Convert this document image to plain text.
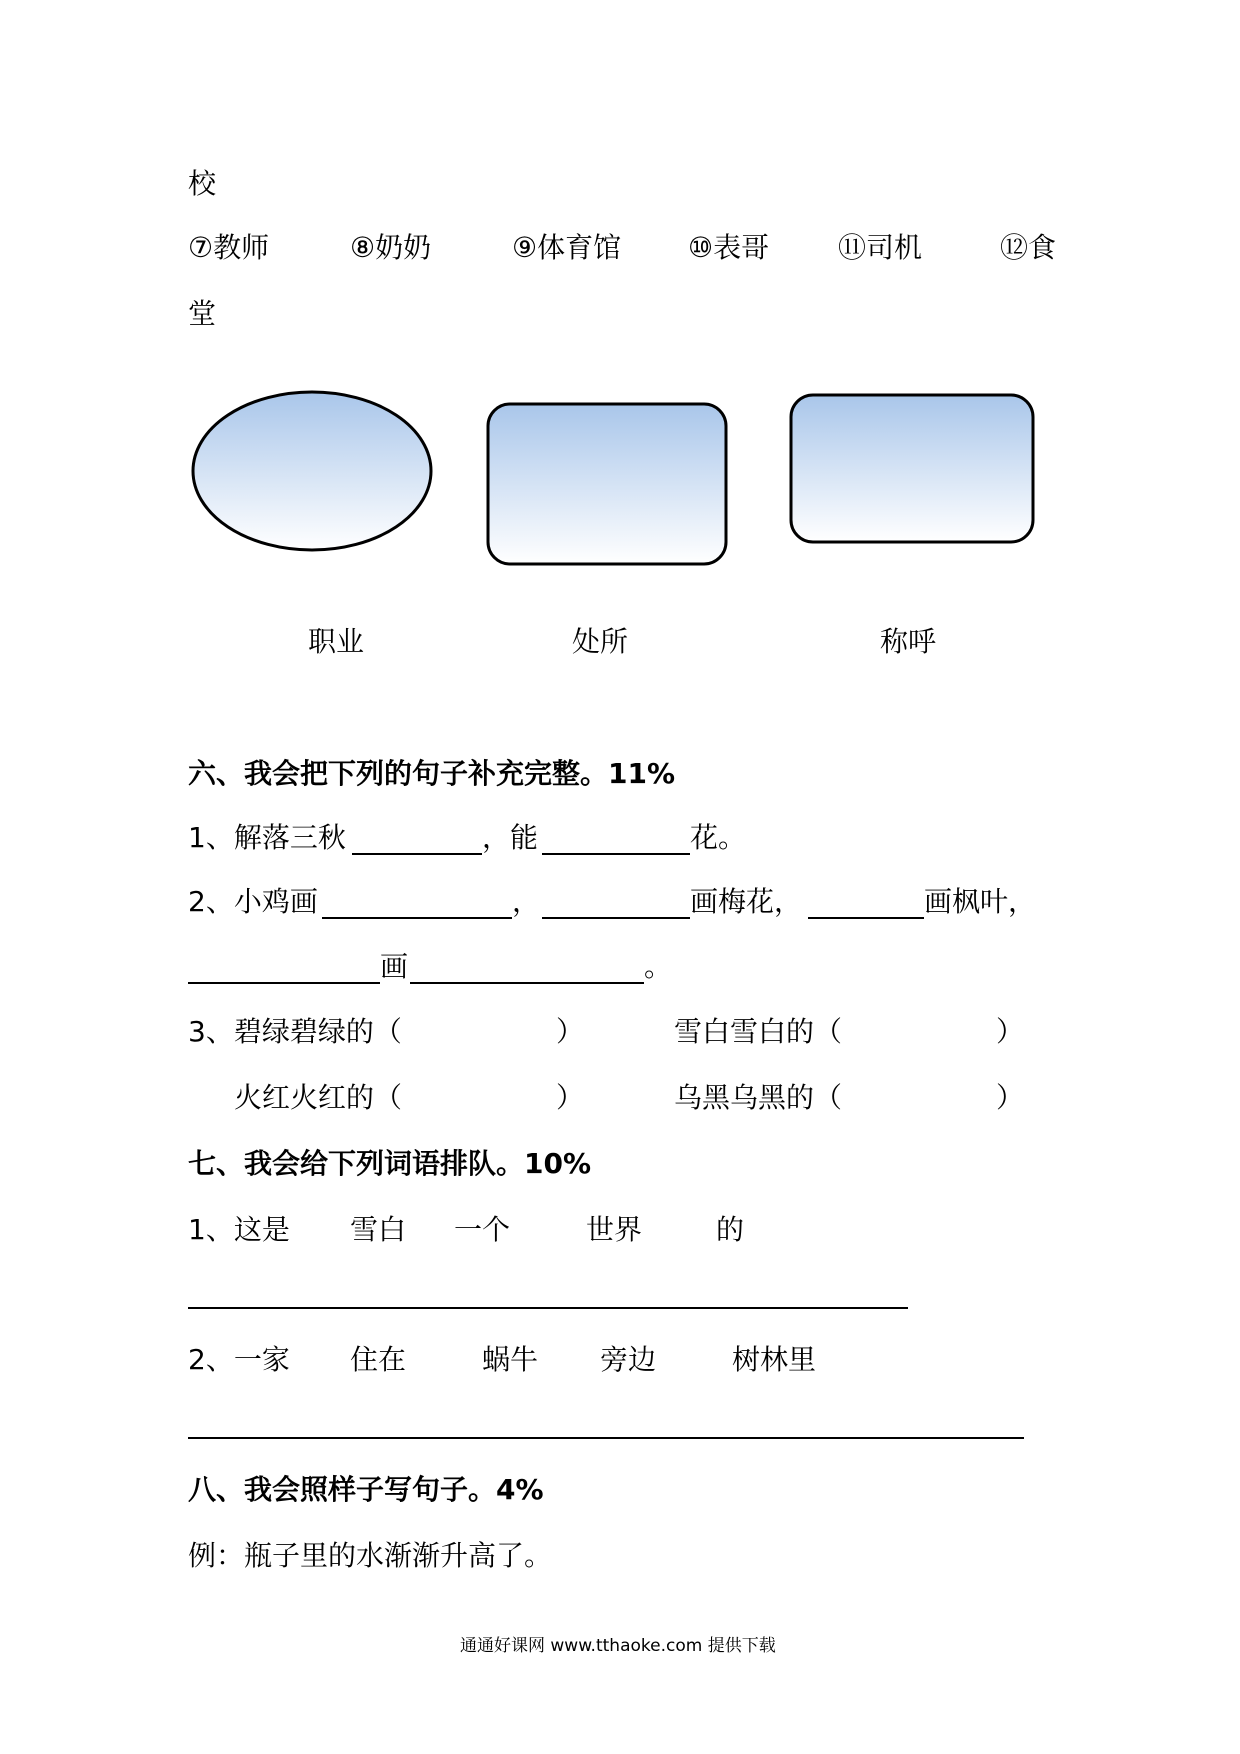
校
⑦教师	⑧奶奶	⑨体育馆 ⑩表哥 ⑪司机	⑫食
堂
职业	处所	称呼
六、我会把下列的句子补充完整。11%
1、解落三秋	，能	花。
2、小鸡画	，	画梅花，	画枫叶，
画	。
3、碧绿碧绿的（	）	雪白雪白的（	）
火红火红的（	）	乌黑乌黑的（	）
七、我会给下列词语排队。10%
1、这是 雪白 一个	世界	的
2、一家 住在	蜗牛 旁边	树林里
八、我会照样子写句子。4%
例：瓶子里的水渐渐升高了。
通通好课网 www.tthaoke.com 提供下载
